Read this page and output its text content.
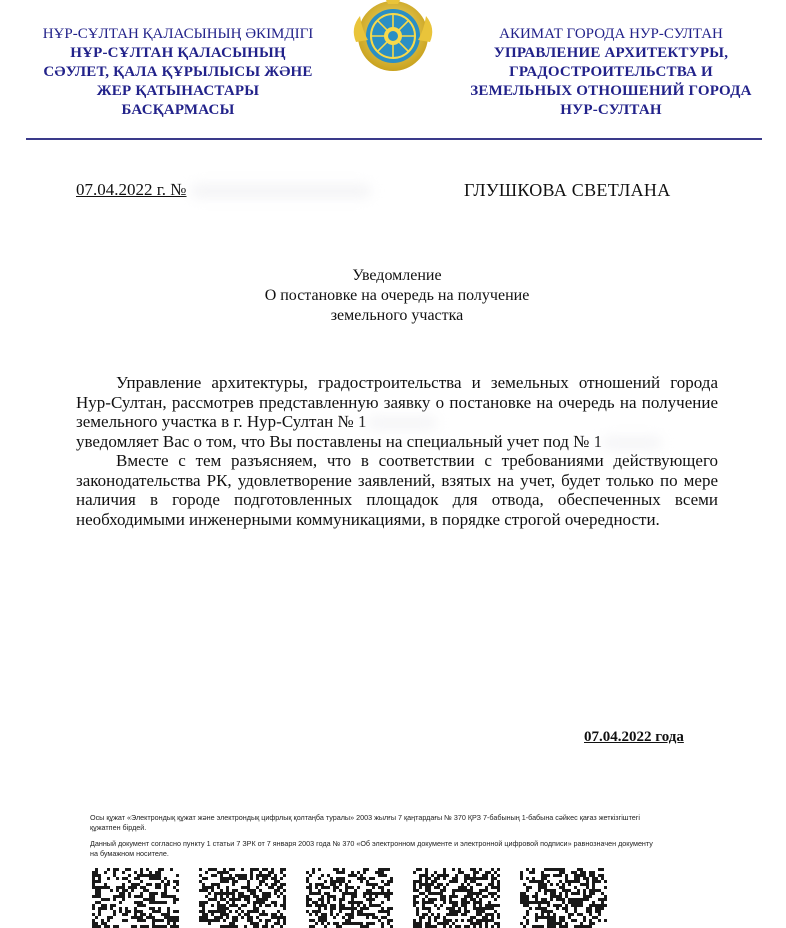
НҰР-СҰЛТАН ҚАЛАСЫНЫҢ ӘКІМДІГІ
НҰР-СҰЛТАН ҚАЛАСЫНЫҢ
СӘУЛЕТ, ҚАЛА ҚҰРЫЛЫСЫ ЖӘНЕ
ЖЕР ҚАТЫНАСТАРЫ
БАСҚАРМАСЫ
АКИМАТ ГОРОДА НУР-СУЛТАН
УПРАВЛЕНИЕ АРХИТЕКТУРЫ,
ГРАДОСТРОИТЕЛЬСТВА И
ЗЕМЕЛЬНЫХ ОТНОШЕНИЙ ГОРОДА
НУР-СУЛТАН
07.04.2022 г. №	ГЛУШКОВА СВЕТЛАНА
Уведомление
О постановке на очередь на получение
земельного участка

Управление архитектуры, градостроительства и земельных отношений города Нур-Султан, рассмотрев представленную заявку о постановке на очередь на получение земельного участка в г. Нур-Султан № 1

уведомляет Вас о том, что Вы поставлены на специальный учет под № 1

Вместе с тем разъясняем, что в соответствии с требованиями действующего законодательства РК, удовлетворение заявлений, взятых на учет, будет только по мере наличия в городе подготовленных площадок для отвода, обеспеченных всеми необходимыми инженерными коммуникациями, в порядке строгой очередности.

07.04.2022 года
Осы құжат «Электрондық құжат және электрондық цифрлық қолтаңба туралы» 2003 жылғы 7 қаңтардағы № 370 ҚРЗ 7-бабының 1-бабына сәйкес қағаз жеткізгіштегі құжатпен бірдей.
Данный документ согласно пункту 1 статьи 7 ЗРК от 7 января 2003 года № 370 «Об электронном документе и электронной цифровой подписи» равнозначен документу на бумажном носителе.
